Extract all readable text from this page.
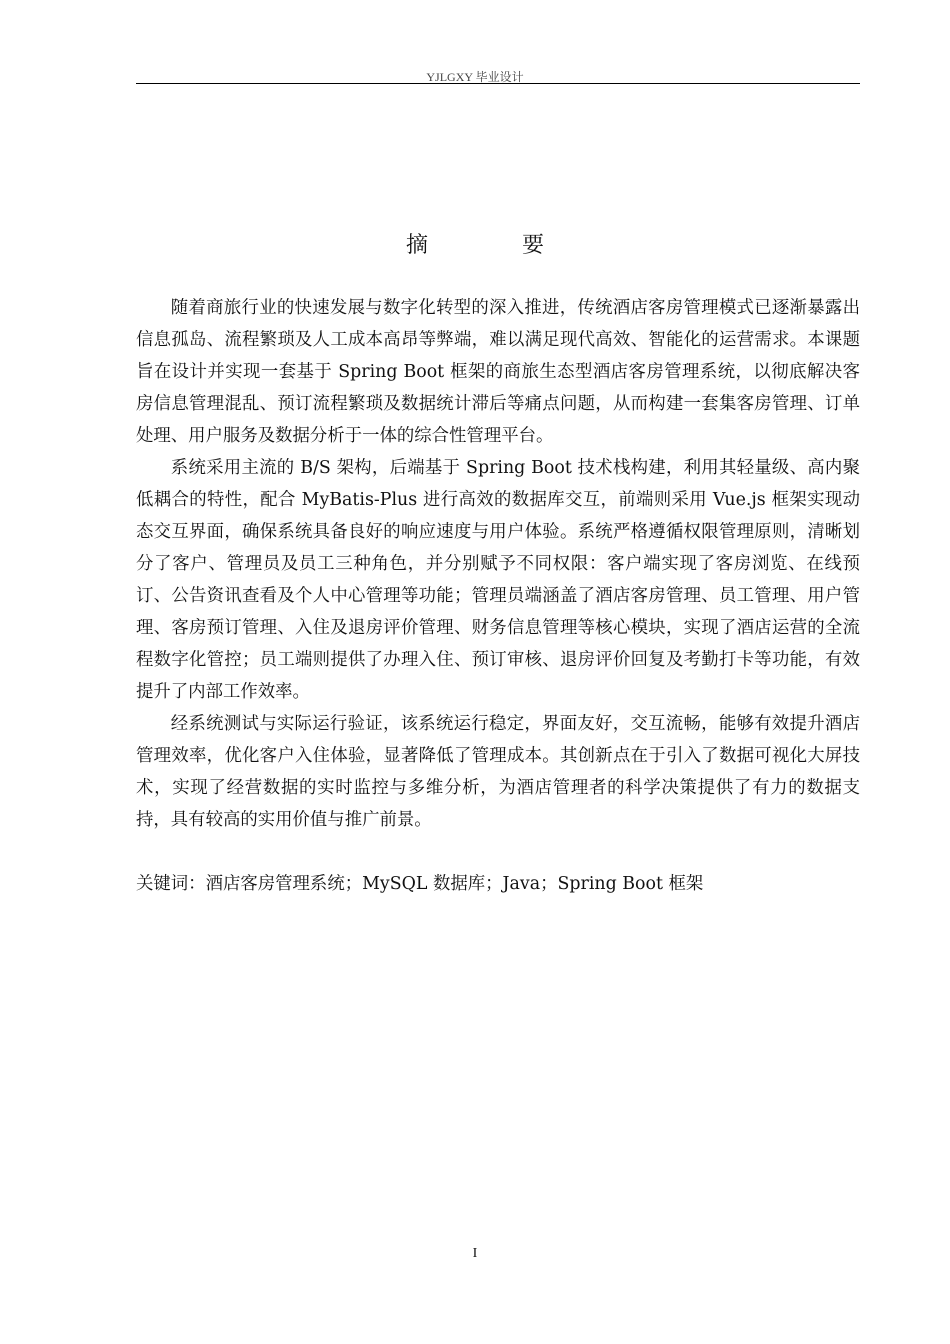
YJLGXY 毕业设计
摘　要

随着商旅行业的快速发展与数字化转型的深入推进，传统酒店客房管理模式已逐渐暴露出信息孤岛、流程繁琐及人工成本高昂等弊端，难以满足现代高效、智能化的运营需求。本课题旨在设计并实现一套基于 Spring Boot 框架的商旅生态型酒店客房管理系统，以彻底解决客房信息管理混乱、预订流程繁琐及数据统计滞后等痛点问题，从而构建一套集客房管理、订单处理、用户服务及数据分析于一体的综合性管理平台。

系统采用主流的 B/S 架构，后端基于 Spring Boot 技术栈构建，利用其轻量级、高内聚低耦合的特性，配合 MyBatis-Plus 进行高效的数据库交互，前端则采用 Vue.js 框架实现动态交互界面，确保系统具备良好的响应速度与用户体验。系统严格遵循权限管理原则，清晰划分了客户、管理员及员工三种角色，并分别赋予不同权限：客户端实现了客房浏览、在线预订、公告资讯查看及个人中心管理等功能；管理员端涵盖了酒店客房管理、员工管理、用户管理、客房预订管理、入住及退房评价管理、财务信息管理等核心模块，实现了酒店运营的全流程数字化管控；员工端则提供了办理入住、预订审核、退房评价回复及考勤打卡等功能，有效提升了内部工作效率。

经系统测试与实际运行验证，该系统运行稳定，界面友好，交互流畅，能够有效提升酒店管理效率，优化客户入住体验，显著降低了管理成本。其创新点在于引入了数据可视化大屏技术，实现了经营数据的实时监控与多维分析，为酒店管理者的科学决策提供了有力的数据支持，具有较高的实用价值与推广前景。

关键词：酒店客房管理系统；MySQL 数据库；Java；Spring Boot 框架
I
